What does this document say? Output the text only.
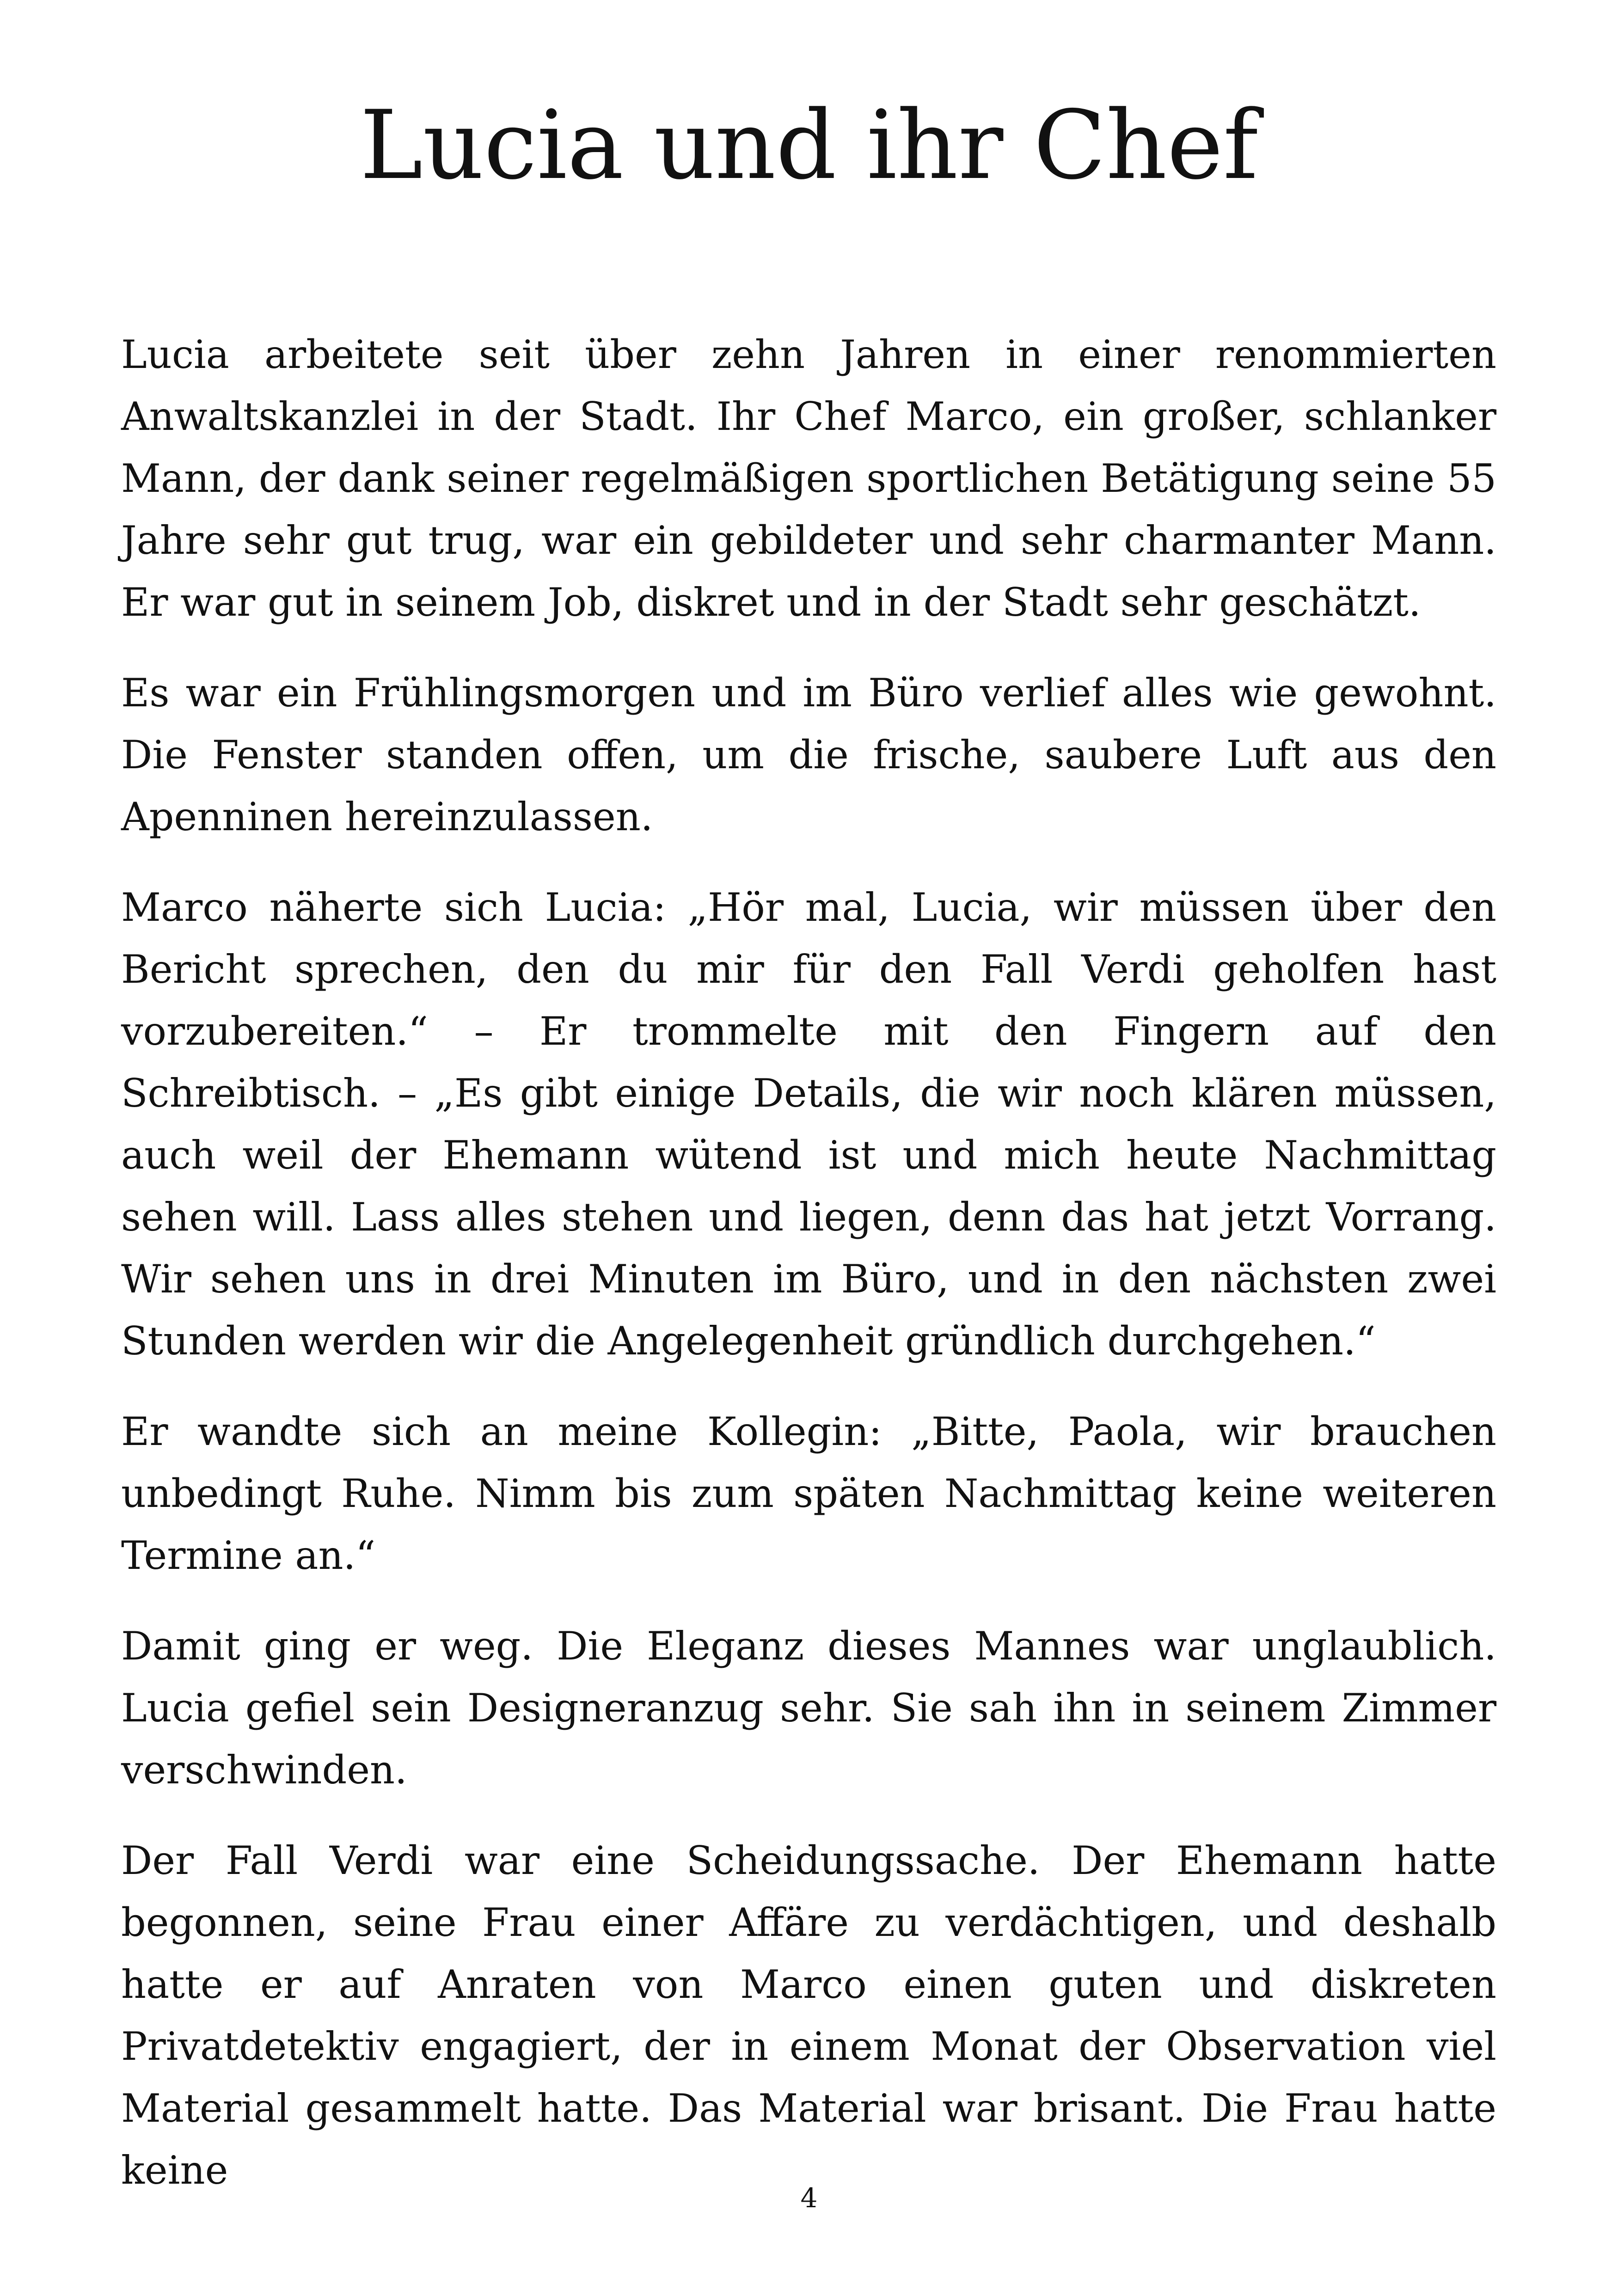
Lucia und ihr Chef

Lucia arbeitete seit über zehn Jahren in einer renommierten Anwaltskanzlei in der Stadt. Ihr Chef Marco, ein großer, schlanker Mann, der dank seiner regelmäßigen sportlichen Betätigung seine 55 Jahre sehr gut trug, war ein gebildeter und sehr charmanter Mann. Er war gut in seinem Job, diskret und in der Stadt sehr geschätzt.

Es war ein Frühlingsmorgen und im Büro verlief alles wie gewohnt. Die Fenster standen offen, um die frische, saubere Luft aus den Apenninen hereinzulassen.

Marco näherte sich Lucia: „Hör mal, Lucia, wir müssen über den Bericht sprechen, den du mir für den Fall Verdi geholfen hast vorzubereiten.“ – Er trommelte mit den Fingern auf den Schreibtisch. – „Es gibt einige Details, die wir noch klären müssen, auch weil der Ehemann wütend ist und mich heute Nachmittag sehen will. Lass alles stehen und liegen, denn das hat jetzt Vorrang. Wir sehen uns in drei Minuten im Büro, und in den nächsten zwei Stunden werden wir die Angelegenheit gründlich durchgehen.“

Er wandte sich an meine Kollegin: „Bitte, Paola, wir brauchen unbedingt Ruhe. Nimm bis zum späten Nachmittag keine weiteren Termine an.“

Damit ging er weg. Die Eleganz dieses Mannes war unglaublich. Lucia gefiel sein Designeranzug sehr. Sie sah ihn in seinem Zimmer verschwinden.

Der Fall Verdi war eine Scheidungssache. Der Ehemann hatte begonnen, seine Frau einer Affäre zu verdächtigen, und deshalb hatte er auf Anraten von Marco einen guten und diskreten Privatdetektiv engagiert, der in einem Monat der Observation viel Material gesammelt hatte. Das Material war brisant. Die Frau hatte keine

4
